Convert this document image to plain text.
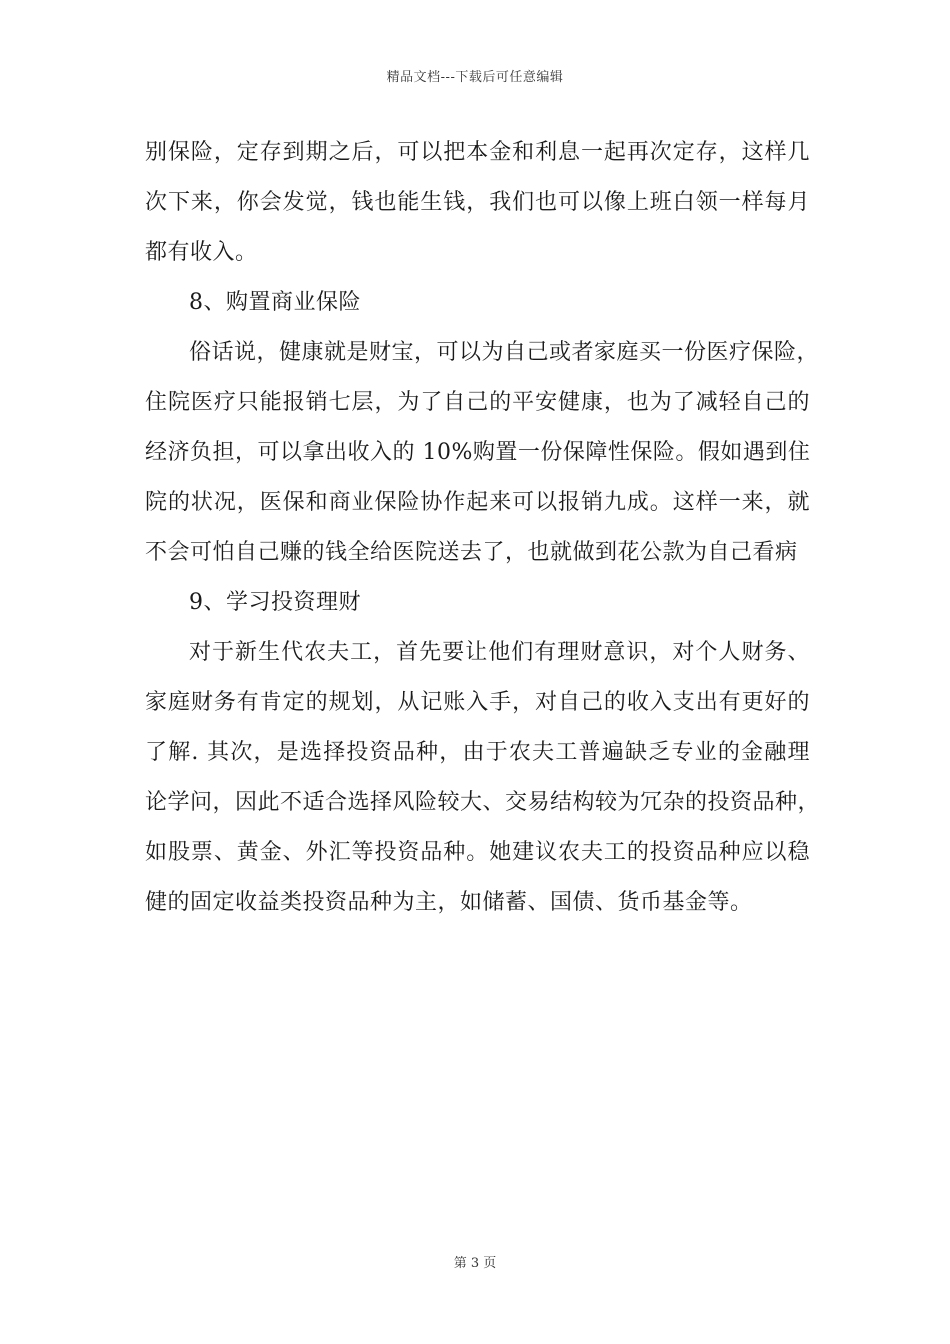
精品文档---下载后可任意编辑
别保险，定存到期之后，可以把本金和利息一起再次定存，这样几
次下来，你会发觉，钱也能生钱，我们也可以像上班白领一样每月
都有收入。
8、购置商业保险
俗话说，健康就是财宝，可以为自己或者家庭买一份医疗保险，
住院医疗只能报销七层，为了自己的平安健康，也为了减轻自己的
经济负担，可以拿出收入的 10%购置一份保障性保险。假如遇到住
院的状况，医保和商业保险协作起来可以报销九成。这样一来，就
不会可怕自己赚的钱全给医院送去了，也就做到花公款为自己看病
9、学习投资理财
对于新生代农夫工，首先要让他们有理财意识，对个人财务、
家庭财务有肯定的规划，从记账入手，对自己的收入支出有更好的
了解. 其次，是选择投资品种，由于农夫工普遍缺乏专业的金融理
论学问，因此不适合选择风险较大、交易结构较为冗杂的投资品种，
如股票、黄金、外汇等投资品种。她建议农夫工的投资品种应以稳
健的固定收益类投资品种为主，如储蓄、国债、货币基金等。
第 3 页
